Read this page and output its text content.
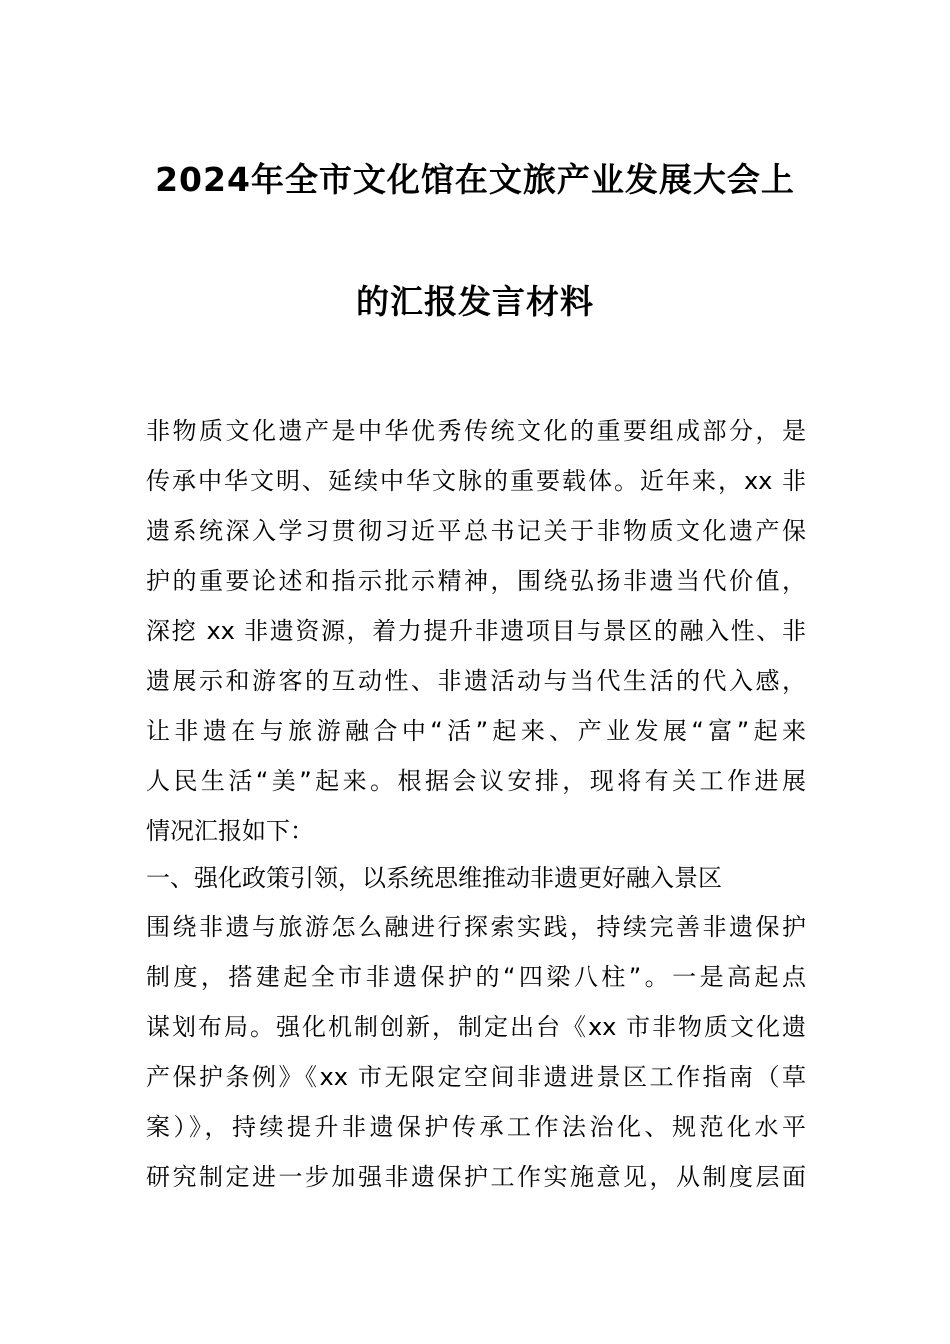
2024年全市文化馆在文旅产业发展大会上
的汇报发言材料
非物质文化遗产是中华优秀传统文化的重要组成部分，是
传承中华文明、延续中华文脉的重要载体。近年来，xx 非
遗系统深入学习贯彻习近平总书记关于非物质文化遗产保
护的重要论述和指示批示精神，围绕弘扬非遗当代价值，
深挖 xx 非遗资源，着力提升非遗项目与景区的融入性、非
遗展示和游客的互动性、非遗活动与当代生活的代入感，
让非遗在与旅游融合中“活”起来、产业发展“富”起来
人民生活“美”起来。根据会议安排，现将有关工作进展
情况汇报如下：
一、强化政策引领，以系统思维推动非遗更好融入景区
围绕非遗与旅游怎么融进行探索实践，持续完善非遗保护
制度，搭建起全市非遗保护的“四梁八柱”。一是高起点
谋划布局。强化机制创新，制定出台《xx 市非物质文化遗
产保护条例》《xx 市无限定空间非遗进景区工作指南（草
案）》，持续提升非遗保护传承工作法治化、规范化水平
研究制定进一步加强非遗保护工作实施意见，从制度层面
